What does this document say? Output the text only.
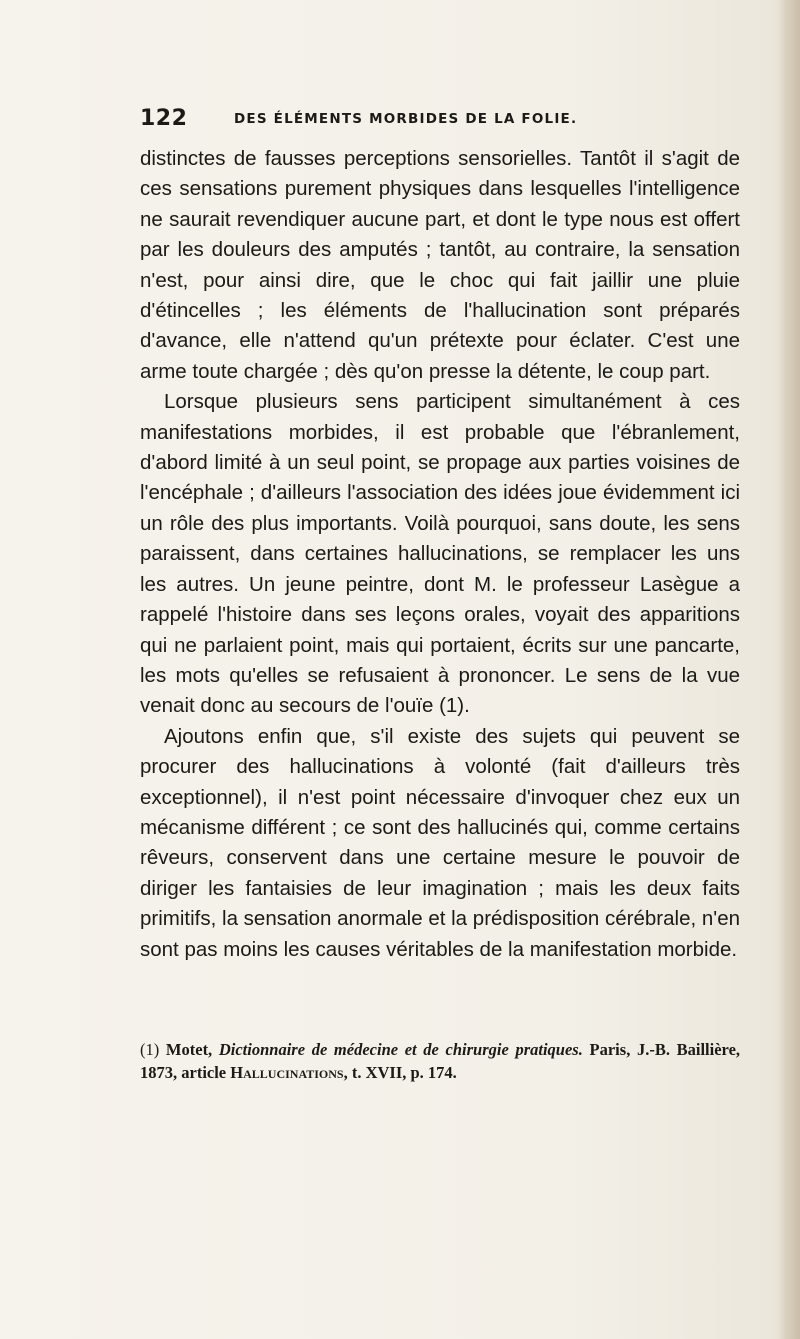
122	DES ÉLÉMENTS MORBIDES DE LA FOLIE.

distinctes de fausses perceptions sensorielles. Tantôt il s'agit de ces sensations purement physiques dans lesquelles l'intelligence ne saurait revendiquer aucune part, et dont le type nous est offert par les douleurs des amputés ; tantôt, au contraire, la sensation n'est, pour ainsi dire, que le choc qui fait jaillir une pluie d'étincelles ; les éléments de l'hallucination sont préparés d'avance, elle n'attend qu'un prétexte pour éclater. C'est une arme toute chargée ; dès qu'on presse la détente, le coup part.

Lorsque plusieurs sens participent simultanément à ces manifestations morbides, il est probable que l'ébranlement, d'abord limité à un seul point, se propage aux parties voisines de l'encéphale ; d'ailleurs l'association des idées joue évidemment ici un rôle des plus importants. Voilà pourquoi, sans doute, les sens paraissent, dans certaines hallucinations, se remplacer les uns les autres. Un jeune peintre, dont M. le professeur Lasègue a rappelé l'histoire dans ses leçons orales, voyait des apparitions qui ne parlaient point, mais qui portaient, écrits sur une pancarte, les mots qu'elles se refusaient à prononcer. Le sens de la vue venait donc au secours de l'ouïe (1).

Ajoutons enfin que, s'il existe des sujets qui peuvent se procurer des hallucinations à volonté (fait d'ailleurs très exceptionnel), il n'est point nécessaire d'invoquer chez eux un mécanisme différent ; ce sont des hallucinés qui, comme certains rêveurs, conservent dans une certaine mesure le pouvoir de diriger les fantaisies de leur imagination ; mais les deux faits primitifs, la sensation anormale et la prédisposition cérébrale, n'en sont pas moins les causes véritables de la manifestation morbide.

(1) Motet, Dictionnaire de médecine et de chirurgie pratiques. Paris, J.-B. Baillière, 1873, article Hallucinations, t. XVII, p. 174.
